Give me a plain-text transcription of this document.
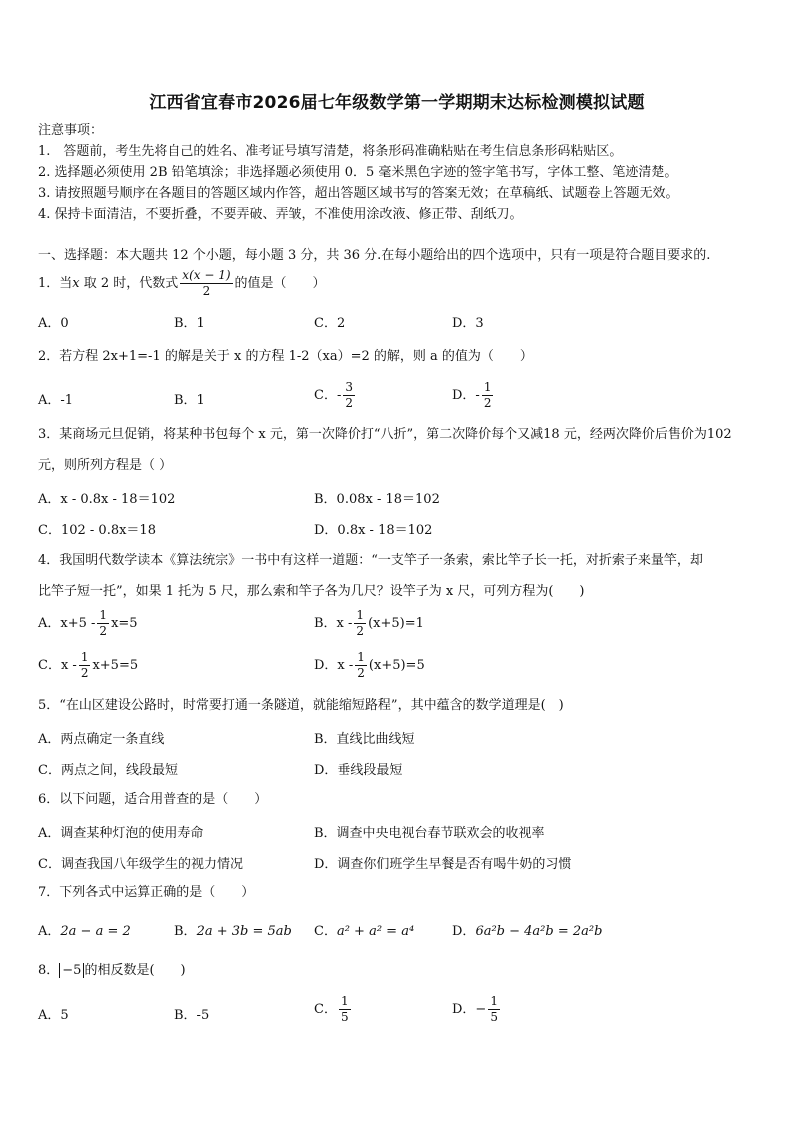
江西省宜春市2026届七年级数学第一学期期末达标检测模拟试题
注意事项：
1.　答题前，考生先将自己的姓名、准考证号填写清楚，将条形码准确粘贴在考生信息条形码粘贴区。
2. 选择题必须使用 2B 铅笔填涂；非选择题必须使用 0．5 毫米黑色字迹的签字笔书写，字体工整、笔迹清楚。
3. 请按照题号顺序在各题目的答题区域内作答，超出答题区域书写的答案无效；在草稿纸、试题卷上答题无效。
4. 保持卡面清洁，不要折叠，不要弄破、弄皱，不准使用涂改液、修正带、刮纸刀。
一、选择题：本大题共 12 个小题，每小题 3 分，共 36 分.在每小题给出的四个选项中，只有一项是符合题目要求的.
1．当x 取 2 时，代数式 $\frac{x(x - 1)}{2}$ 的值是（　　）
A．0	B．1	C．2	D．3
2．若方程 2x+1=-1 的解是关于 x 的方程 1-2（xa）=2 的解，则 a 的值为（　　）
A．-1	B．1	C．- $\frac{3}{2}$	D．- $\frac{1}{2}$
3．某商场元旦促销，将某种书包每个 x 元，第一次降价打“八折”，第二次降价每个又减18 元，经两次降价后售价为102
元，则所列方程是（ ）
A．x - 0.8x - 18＝102	B．0.08x - 18＝102
C．102 - 0.8x＝18	D．0.8x - 18＝102
4．我国明代数学读本《算法统宗》一书中有这样一道题：“一支竿子一条索，索比竿子长一托，对折索子来量竿，却
比竿子短一托”，如果 1 托为 5 尺，那么索和竿子各为几尺？设竿子为 x 尺，可列方程为(　　)
A．$x+5 - \frac{1}{2} x=5$	B．$x - \frac{1}{2} (x+5)=1$
C．$x - \frac{1}{2} x+5=5$	D．$x - \frac{1}{2} (x+5)=5$
5．“在山区建设公路时，时常要打通一条隧道，就能缩短路程”，其中蕴含的数学道理是(　)
A．两点确定一条直线	B．直线比曲线短
C．两点之间，线段最短	D．垂线段最短
6．以下问题，适合用普查的是（　　）
A．调查某种灯泡的使用寿命	B．调查中央电视台春节联欢会的收视率
C．调查我国八年级学生的视力情况	D．调查你们班学生早餐是否有喝牛奶的习惯
7．下列各式中运算正确的是（　　）
A．2a − a = 2	B．2a + 3b = 5ab C．a² + a² = a⁴	D．6a²b − 4a²b = 2a²b
8． −5 的相反数是(　　)
A．5	B．-5	C． $\frac{1}{5}$	D．− $\frac{1}{5}$
